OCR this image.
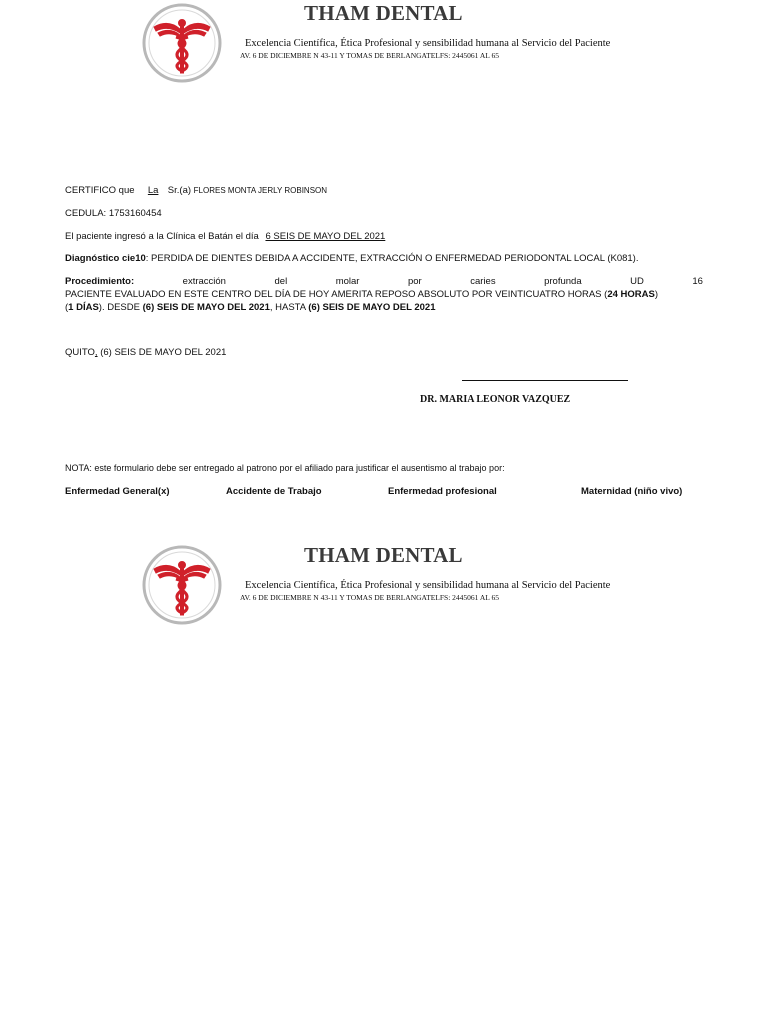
THAM DENTAL
Excelencia Científica, Ética Profesional y sensibilidad humana al Servicio del Paciente
AV. 6 DE DICIEMBRE N 43-11 Y TOMAS DE BERLANGATELFS: 2445061 AL 65
CERTIFICO que La Sr.(a) FLORES MONTA JERLY ROBINSON
CEDULA: 1753160454
El paciente ingresó a la Clínica el Batán el día 6 SEIS DE MAYO DEL 2021
Diagnóstico cie10: PERDIDA DE DIENTES DEBIDA A ACCIDENTE, EXTRACCIÓN O ENFERMEDAD PERIODONTAL LOCAL (K081).
Procedimiento:	extracción	del	molar	por	caries	profunda	UD	16
PACIENTE EVALUADO EN ESTE CENTRO DEL DÍA DE HOY AMERITA REPOSO ABSOLUTO POR VEINTICUATRO HORAS (24 HORAS)
(1 DÍAS). DESDE (6) SEIS DE MAYO DEL 2021, HASTA (6) SEIS DE MAYO DEL 2021
QUITO, (6) SEIS DE MAYO DEL 2021
DR. MARIA LEONOR VAZQUEZ
NOTA: este formulario debe ser entregado al patrono por el afiliado para justificar el ausentismo al trabajo por:
Enfermedad General(x)	Accidente de Trabajo	Enfermedad profesional	Maternidad (niño vivo)
THAM DENTAL
Excelencia Científica, Ética Profesional y sensibilidad humana al Servicio del Paciente
AV. 6 DE DICIEMBRE N 43-11 Y TOMAS DE BERLANGATELFS: 2445061 AL 65
